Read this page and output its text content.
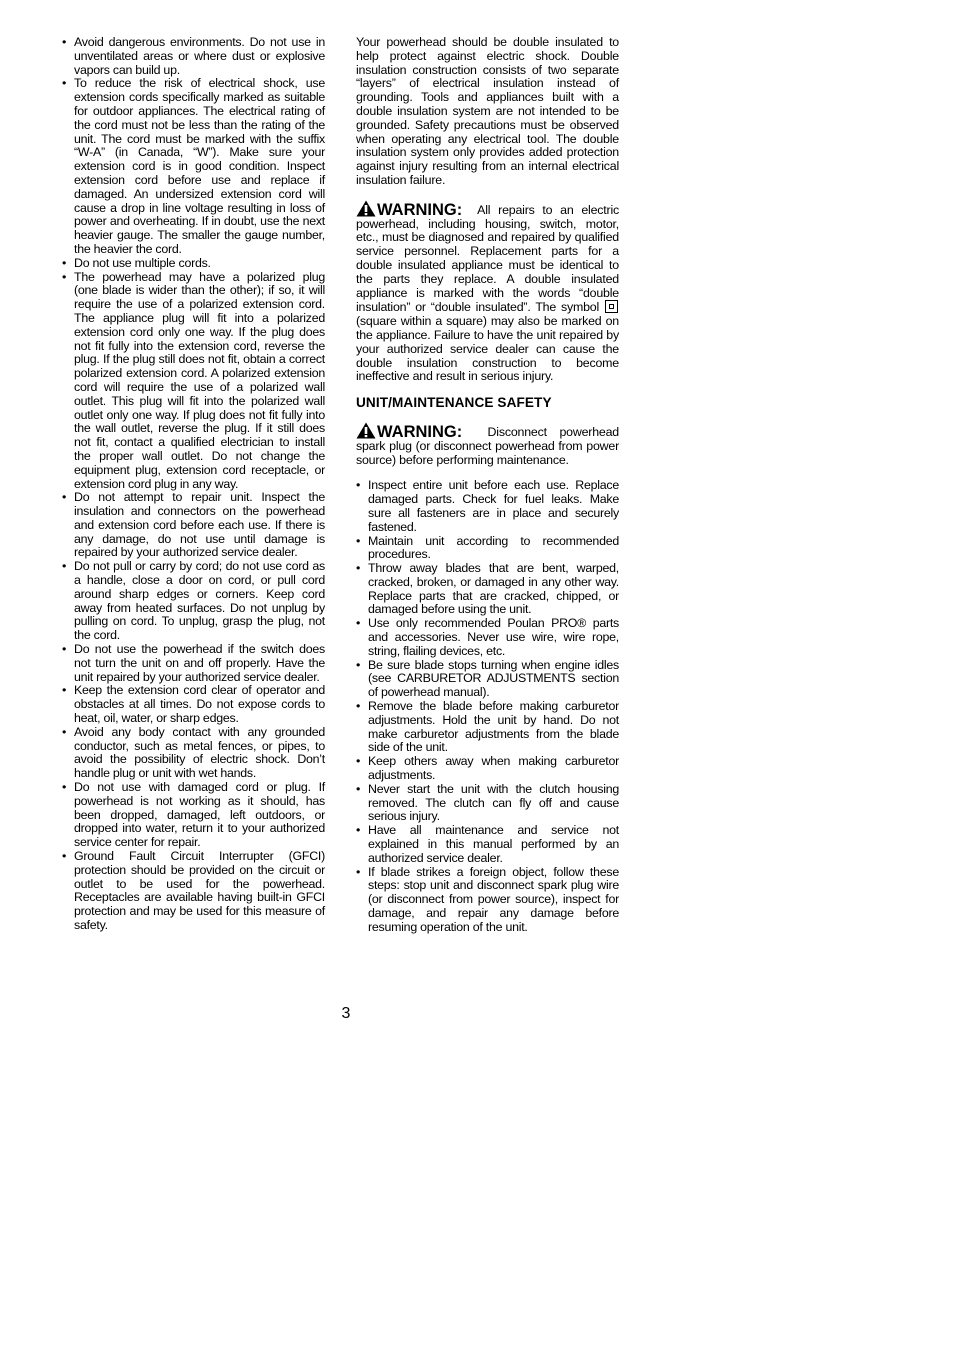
• Avoid dangerous environments. Do not use in unventilated areas or where dust or explosive vapors can build up.
• To reduce the risk of electrical shock, use extension cords specifically marked as suitable for outdoor appliances. The electrical rating of the cord must not be less than the rating of the unit. The cord must be marked with the suffix “W-A” (in Canada, “W”). Make sure your extension cord is in good condition. Inspect extension cord before use and replace if damaged. An undersized extension cord will cause a drop in line voltage resulting in loss of power and overheating. If in doubt, use the next heavier gauge. The smaller the gauge number, the heavier the cord.
• Do not use multiple cords.
• The powerhead may have a polarized plug (one blade is wider than the other); if so, it will require the use of a polarized extension cord. The appliance plug will fit into a polarized extension cord only one way. If the plug does not fit fully into the extension cord, reverse the plug. If the plug still does not fit, obtain a correct polarized extension cord. A polarized extension cord will require the use of a polarized wall outlet. This plug will fit into the polarized wall outlet only one way. If plug does not fit fully into the wall outlet, reverse the plug. If it still does not fit, contact a qualified electrician to install the proper wall outlet. Do not change the equipment plug, extension cord receptacle, or extension cord plug in any way.
• Do not attempt to repair unit. Inspect the insulation and connectors on the powerhead and extension cord before each use. If there is any damage, do not use until damage is repaired by your authorized service dealer.
• Do not pull or carry by cord; do not use cord as a handle, close a door on cord, or pull cord around sharp edges or corners. Keep cord away from heated surfaces. Do not unplug by pulling on cord. To unplug, grasp the plug, not the cord.
• Do not use the powerhead if the switch does not turn the unit on and off properly. Have the unit repaired by your authorized service dealer.
• Keep the extension cord clear of operator and obstacles at all times. Do not expose cords to heat, oil, water, or sharp edges.
• Avoid any body contact with any grounded conductor, such as metal fences, or pipes, to avoid the possibility of electric shock. Don’t handle plug or unit with wet hands.
• Do not use with damaged cord or plug. If powerhead is not working as it should, has been dropped, damaged, left outdoors, or dropped into water, return it to your authorized service center for repair.
• Ground Fault Circuit Interrupter (GFCI) protection should be provided on the circuit or outlet to be used for the powerhead. Receptacles are available having built-in GFCI protection and may be used for this measure of safety.

Your powerhead should be double insulated to help protect against electric shock. Double insulation construction consists of two separate “layers” of electrical insulation instead of grounding. Tools and appliances built with a double insulation system are not intended to be grounded. Safety precautions must be observed when operating any electrical tool. The double insulation system only provides added protection against injury resulting from an internal electrical insulation failure.

WARNING: All repairs to an electric powerhead, including housing, switch, motor, etc., must be diagnosed and repaired by qualified service personnel. Replacement parts for a double insulated appliance must be identical to the parts they replace. A double insulated appliance is marked with the words “double insulation” or “double insulated”. The symbol  (square within a square) may also be marked on the appliance. Failure to have the unit repaired by your authorized service dealer can cause the double insulation construction to become ineffective and result in serious injury.

UNIT/MAINTENANCE SAFETY

WARNING: Disconnect powerhead spark plug (or disconnect powerhead from power source) before performing maintenance.

• Inspect entire unit before each use. Replace damaged parts. Check for fuel leaks. Make sure all fasteners are in place and securely fastened.
• Maintain unit according to recommended procedures.
• Throw away blades that are bent, warped, cracked, broken, or damaged in any other way. Replace parts that are cracked, chipped, or damaged before using the unit.
• Use only recommended Poulan PRO® parts and accessories. Never use wire, wire rope, string, flailing devices, etc.
• Be sure blade stops turning when engine idles (see CARBURETOR ADJUSTMENTS section of powerhead manual).
• Remove the blade before making carburetor adjustments. Hold the unit by hand. Do not make carburetor adjustments from the blade side of the unit.
• Keep others away when making carburetor adjustments.
• Never start the unit with the clutch housing removed. The clutch can fly off and cause serious injury.
• Have all maintenance and service not explained in this manual performed by an authorized service dealer.
• If blade strikes a foreign object, follow these steps: stop unit and disconnect spark plug wire (or disconnect from power source), inspect for damage, and repair any damage before resuming operation of the unit.
3
